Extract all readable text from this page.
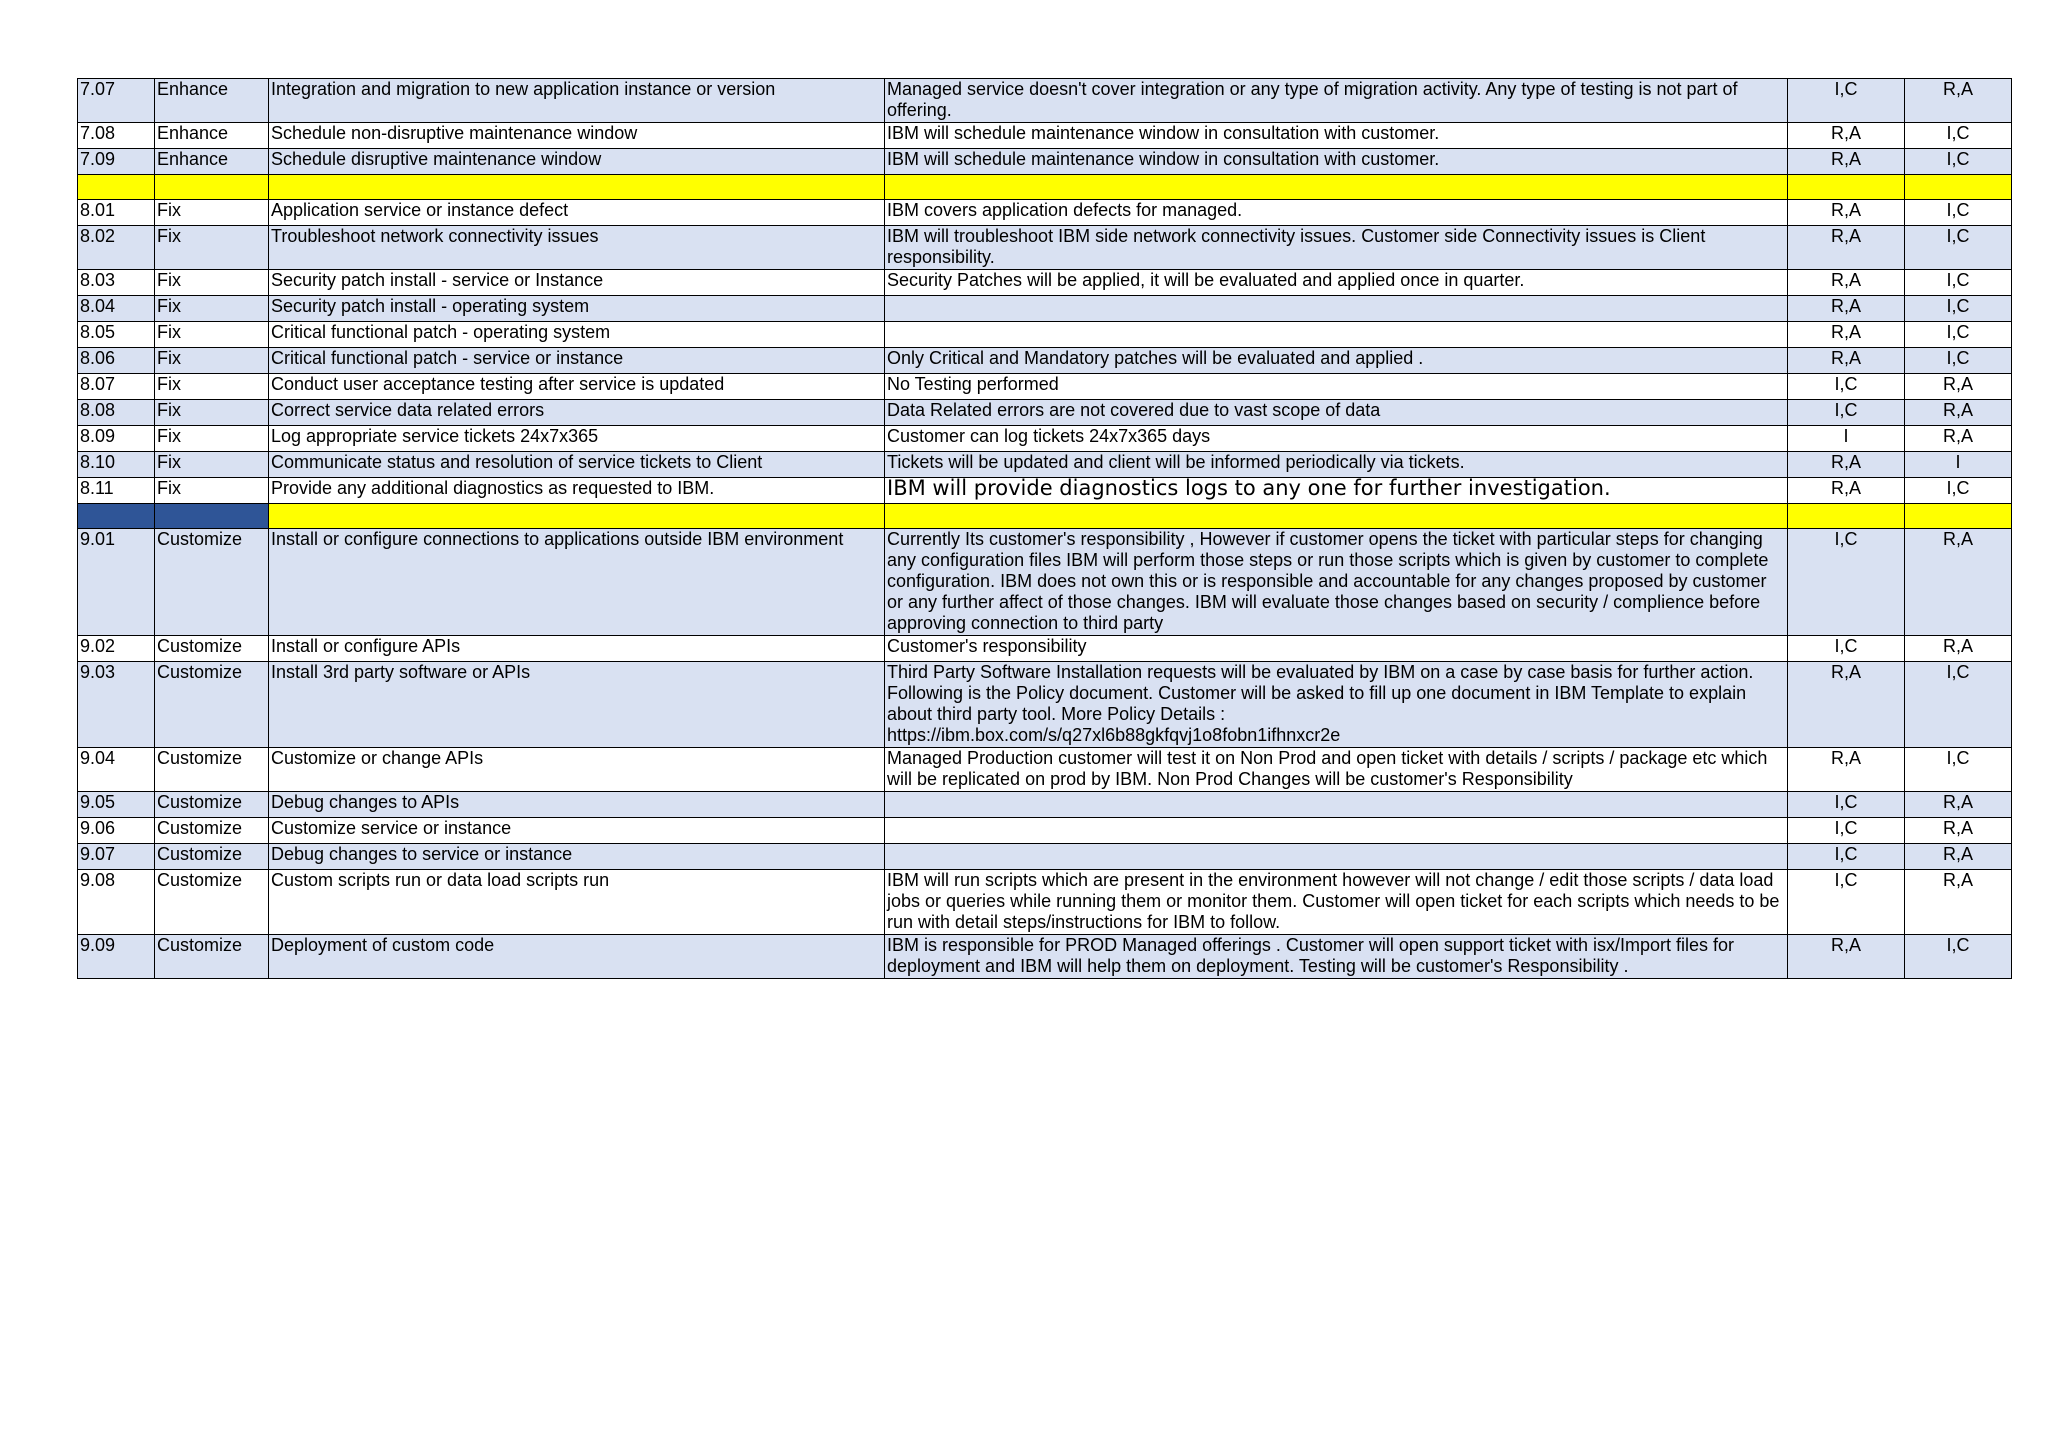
7.07	Enhance	Integration and migration to new application instance or version	Managed service doesn't cover integration or any type of migration activity. Any type of testing is not part of offering.	I,C	R,A
7.08	Enhance	Schedule non-disruptive maintenance window	IBM will schedule maintenance window in consultation with customer.	R,A	I,C
7.09	Enhance	Schedule disruptive maintenance window	IBM will schedule maintenance window in consultation with customer.	R,A	I,C

8.01	Fix	Application service or instance defect	IBM covers application defects for managed.	R,A	I,C
8.02	Fix	Troubleshoot network connectivity issues	IBM will troubleshoot IBM side network connectivity issues. Customer side Connectivity issues is Client responsibility.	R,A	I,C
8.03	Fix	Security patch install - service or Instance	Security Patches will be applied, it will be evaluated and applied once in quarter.	R,A	I,C
8.04	Fix	Security patch install - operating system		R,A	I,C
8.05	Fix	Critical functional patch - operating system		R,A	I,C
8.06	Fix	Critical functional patch - service or instance	Only Critical and Mandatory patches will be evaluated and applied .	R,A	I,C
8.07	Fix	Conduct user acceptance testing after service is updated	No Testing performed	I,C	R,A
8.08	Fix	Correct service data related errors	Data Related errors are not covered due to vast scope of data	I,C	R,A
8.09	Fix	Log appropriate service tickets 24x7x365	Customer can log tickets 24x7x365 days	I	R,A
8.10	Fix	Communicate status and resolution of service tickets to Client	Tickets will be updated and client will be informed periodically via tickets.	R,A	I
8.11	Fix	Provide any additional diagnostics as requested to IBM.	IBM will provide diagnostics logs to any one for further investigation.	R,A	I,C

9.01	Customize	Install or configure connections to applications outside IBM environment	Currently Its customer's responsibility , However if customer opens the ticket with particular steps for changing any configuration files IBM will perform those steps or run those scripts which is given by customer to complete configuration. IBM does not own this or is responsible and accountable for any changes proposed by customer or any further affect of those changes. IBM will evaluate those changes based on security / complience before approving connection to third party	I,C	R,A
9.02	Customize	Install or configure APIs	Customer's responsibility	I,C	R,A
9.03	Customize	Install 3rd party software or APIs	Third Party Software Installation requests will be evaluated by IBM on a case by case basis for further action. Following is the Policy document. Customer will be asked to fill up one document in IBM Template to explain about third party tool. More Policy Details :
https://ibm.box.com/s/q27xl6b88gkfqvj1o8fobn1ifhnxcr2e	R,A	I,C
9.04	Customize	Customize or change APIs	Managed Production customer will test it on Non Prod and open ticket with details / scripts / package etc which will be replicated on prod by IBM. Non Prod Changes will be customer's Responsibility	R,A	I,C
9.05	Customize	Debug changes to APIs		I,C	R,A
9.06	Customize	Customize service or instance		I,C	R,A
9.07	Customize	Debug changes to service or instance		I,C	R,A
9.08	Customize	Custom scripts run or data load scripts run	IBM will run scripts which are present in the environment however will not change / edit those scripts / data load jobs or queries while running them or monitor them. Customer will open ticket for each scripts which needs to be run with detail steps/instructions for IBM to follow.	I,C	R,A
9.09	Customize	Deployment of custom code	IBM is responsible for PROD Managed offerings . Customer will open support ticket with isx/Import files for deployment and IBM will help them on deployment. Testing will be customer's Responsibility .	R,A	I,C
